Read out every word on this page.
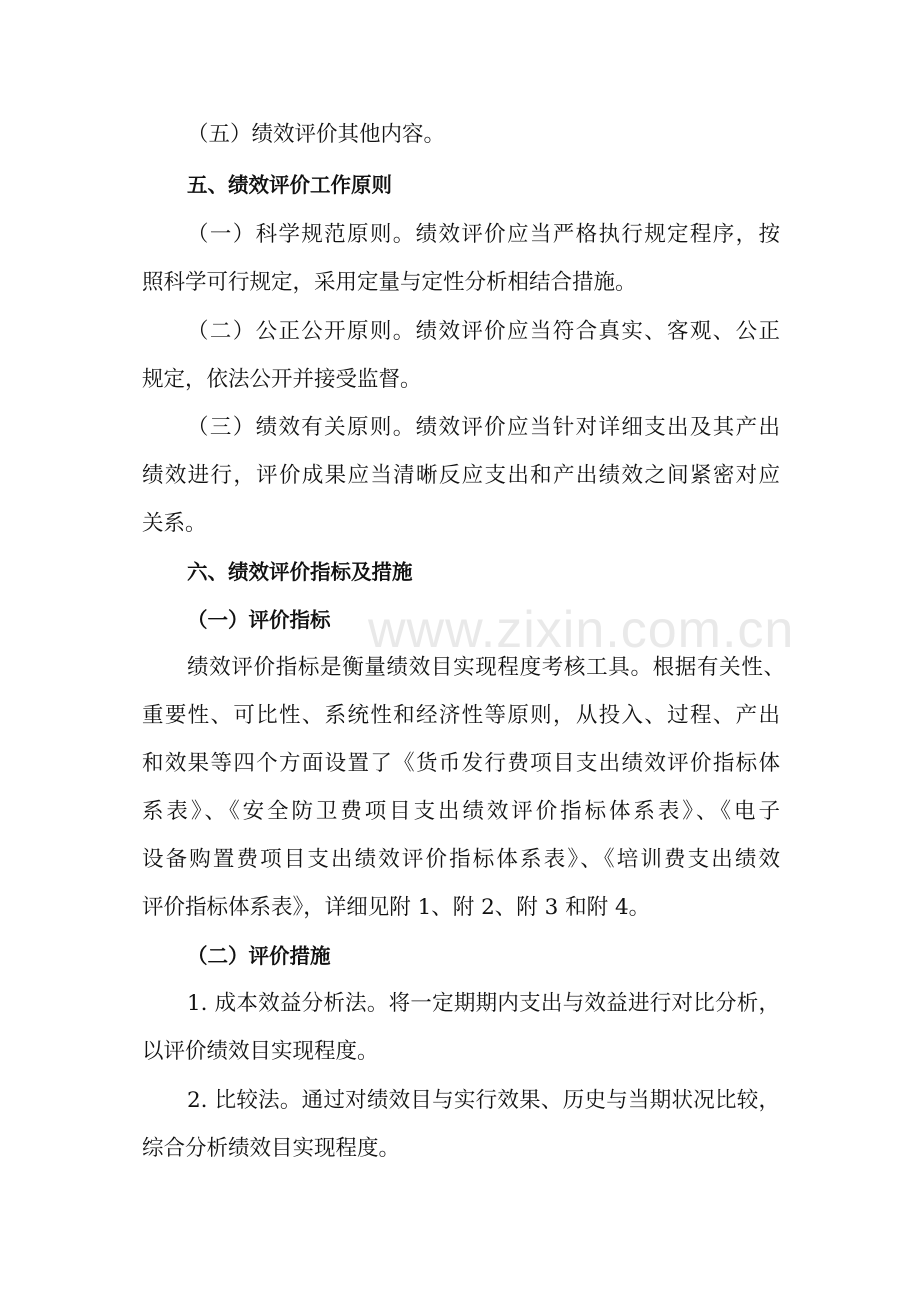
www.zixin.com.cn
（五）绩效评价其他内容。
五、绩效评价工作原则
（一）科学规范原则。绩效评价应当严格执行规定程序，按
照科学可行规定，采用定量与定性分析相结合措施。
（二）公正公开原则。绩效评价应当符合真实、客观、公正
规定，依法公开并接受监督。
（三）绩效有关原则。绩效评价应当针对详细支出及其产出
绩效进行，评价成果应当清晰反应支出和产出绩效之间紧密对应
关系。
六、绩效评价指标及措施
（一）评价指标
绩效评价指标是衡量绩效目实现程度考核工具。根据有关性、
重要性、可比性、系统性和经济性等原则，从投入、过程、产出
和效果等四个方面设置了《货币发行费项目支出绩效评价指标体
系表》、《安全防卫费项目支出绩效评价指标体系表》、《电子
设备购置费项目支出绩效评价指标体系表》、《培训费支出绩效
评价指标体系表》，详细见附 1、附 2、附 3 和附 4。
（二）评价措施
1. 成本效益分析法。将一定期期内支出与效益进行对比分析，
以评价绩效目实现程度。
2. 比较法。通过对绩效目与实行效果、历史与当期状况比较，
综合分析绩效目实现程度。
